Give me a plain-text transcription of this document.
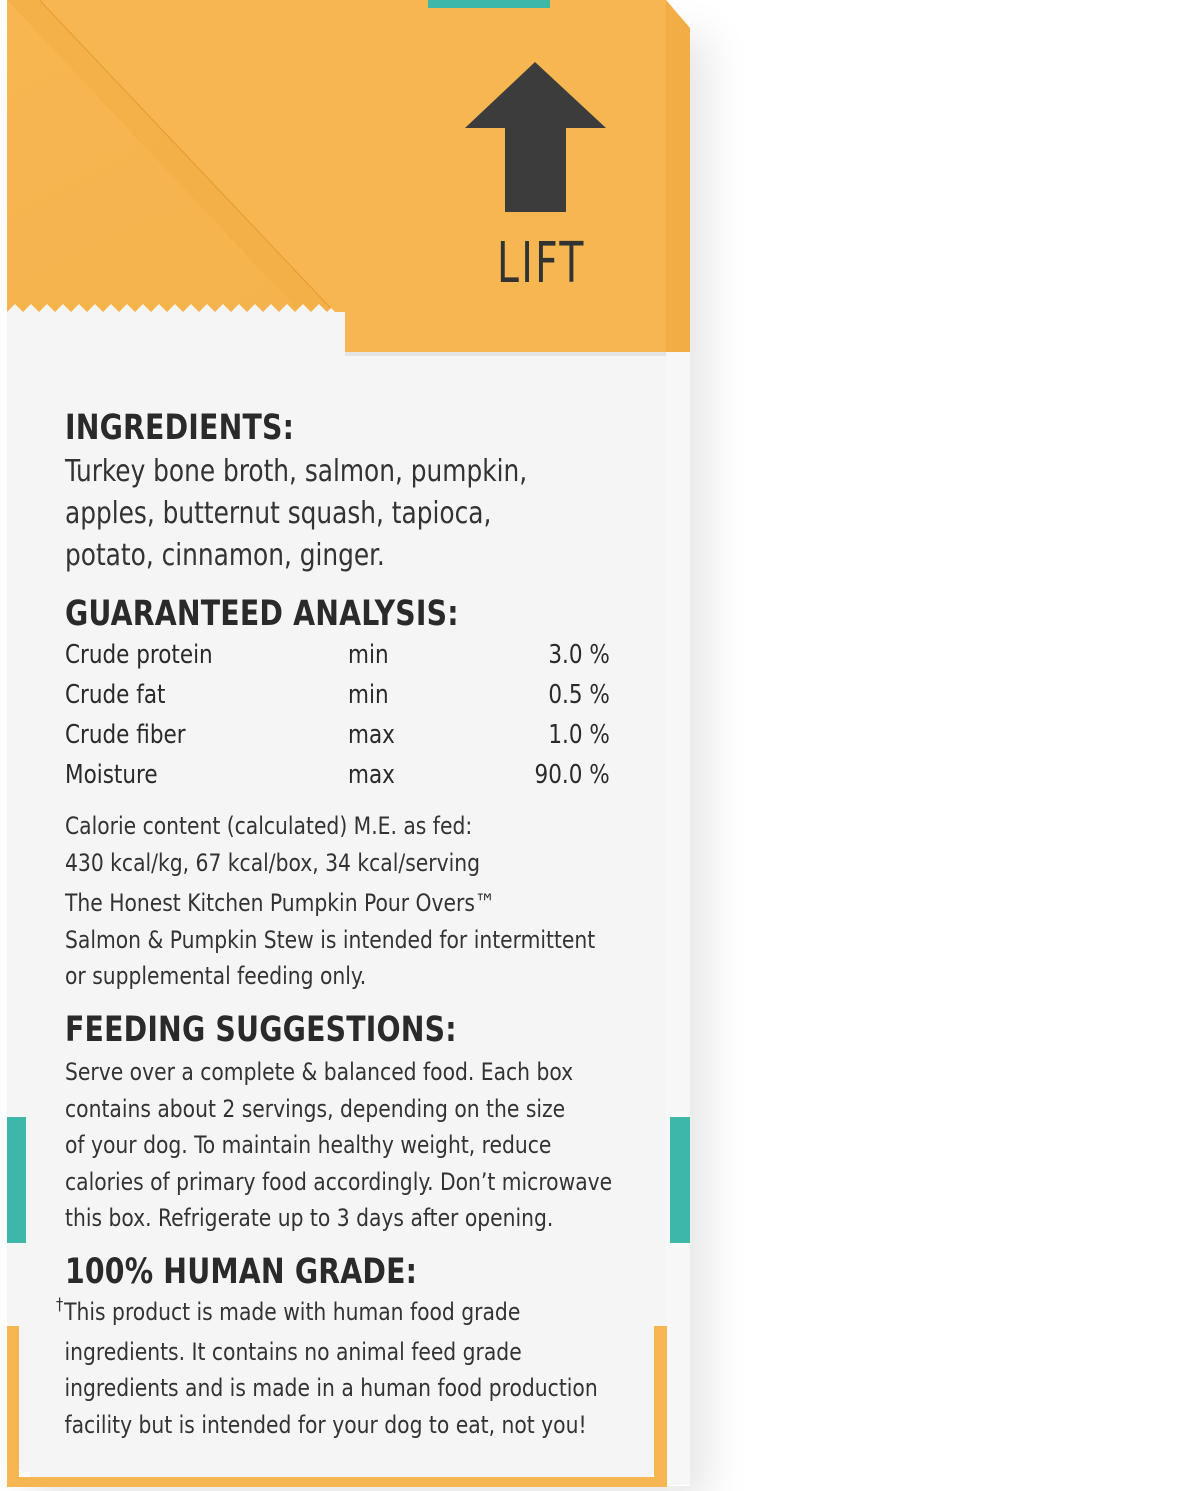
LIFT
INGREDIENTS:
Turkey bone broth, salmon, pumpkin,
apples, butternut squash, tapioca,
potato, cinnamon, ginger.
GUARANTEED ANALYSIS:
Crude protein	min	3.0 %
Crude fat	min	0.5 %
Crude fiber	max	1.0 %
Moisture	max	90.0 %
Calorie content (calculated) M.E. as fed:
430 kcal/kg, 67 kcal/box, 34 kcal/serving
The Honest Kitchen Pumpkin Pour Overs™
Salmon & Pumpkin Stew is intended for intermittent
or supplemental feeding only.
FEEDING SUGGESTIONS:
Serve over a complete & balanced food. Each box
contains about 2 servings, depending on the size
of your dog. To maintain healthy weight, reduce
calories of primary food accordingly. Don’t microwave
this box. Refrigerate up to 3 days after opening.
100% HUMAN GRADE:
†This product is made with human food grade
ingredients. It contains no animal feed grade
ingredients and is made in a human food production
facility but is intended for your dog to eat, not you!
